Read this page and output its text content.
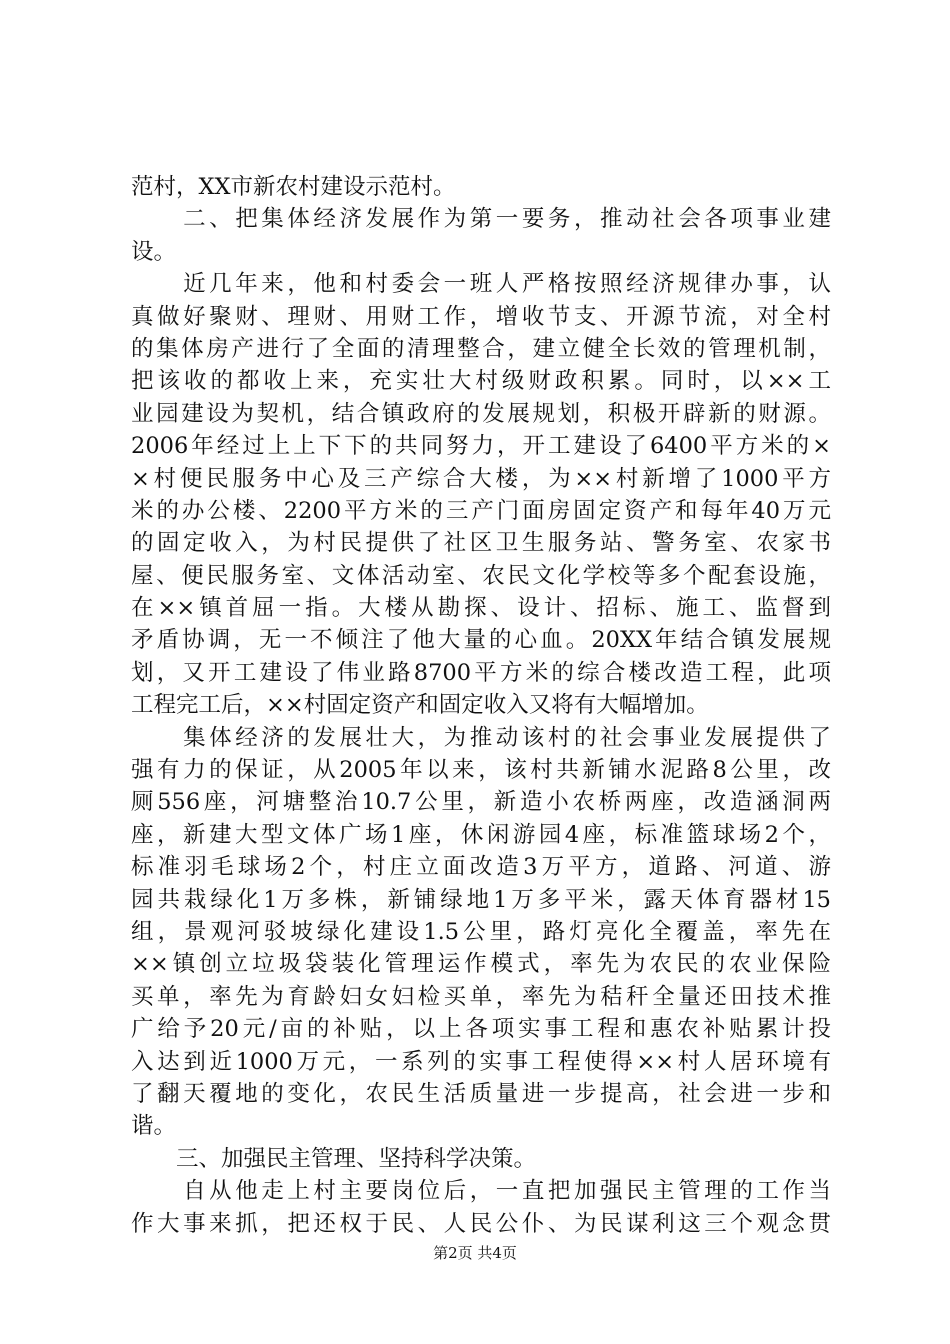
范村，XX市新农村建设示范村。
　　二、把集体经济发展作为第一要务，推动社会各项事业建
设。
　　近几年来，他和村委会一班人严格按照经济规律办事，认
真做好聚财、理财、用财工作，增收节支、开源节流，对全村
的集体房产进行了全面的清理整合，建立健全长效的管理机制，
把该收的都收上来，充实壮大村级财政积累。同时，以××工
业园建设为契机，结合镇政府的发展规划，积极开辟新的财源。
2006年经过上上下下的共同努力，开工建设了6400平方米的×
×村便民服务中心及三产综合大楼，为××村新增了1000平方
米的办公楼、2200平方米的三产门面房固定资产和每年40万元
的固定收入，为村民提供了社区卫生服务站、警务室、农家书
屋、便民服务室、文体活动室、农民文化学校等多个配套设施，
在××镇首屈一指。大楼从勘探、设计、招标、施工、监督到
矛盾协调，无一不倾注了他大量的心血。20XX年结合镇发展规
划，又开工建设了伟业路8700平方米的综合楼改造工程，此项
工程完工后，××村固定资产和固定收入又将有大幅增加。
　　集体经济的发展壮大，为推动该村的社会事业发展提供了
强有力的保证，从2005年以来，该村共新铺水泥路8公里，改
厕556座，河塘整治10.7公里，新造小农桥两座，改造涵洞两
座，新建大型文体广场1座，休闲游园4座，标准篮球场2个，
标准羽毛球场2个，村庄立面改造3万平方，道路、河道、游
园共栽绿化1万多株，新铺绿地1万多平米，露天体育器材15
组，景观河驳坡绿化建设1.5公里，路灯亮化全覆盖，率先在
××镇创立垃圾袋装化管理运作模式，率先为农民的农业保险
买单，率先为育龄妇女妇检买单，率先为秸秆全量还田技术推
广给予20元/亩的补贴，以上各项实事工程和惠农补贴累计投
入达到近1000万元，一系列的实事工程使得××村人居环境有
了翻天覆地的变化，农民生活质量进一步提高，社会进一步和
谐。
　　三、加强民主管理、坚持科学决策。
　　自从他走上村主要岗位后，一直把加强民主管理的工作当
作大事来抓，把还权于民、人民公仆、为民谋利这三个观念贯
第2页 共4页
